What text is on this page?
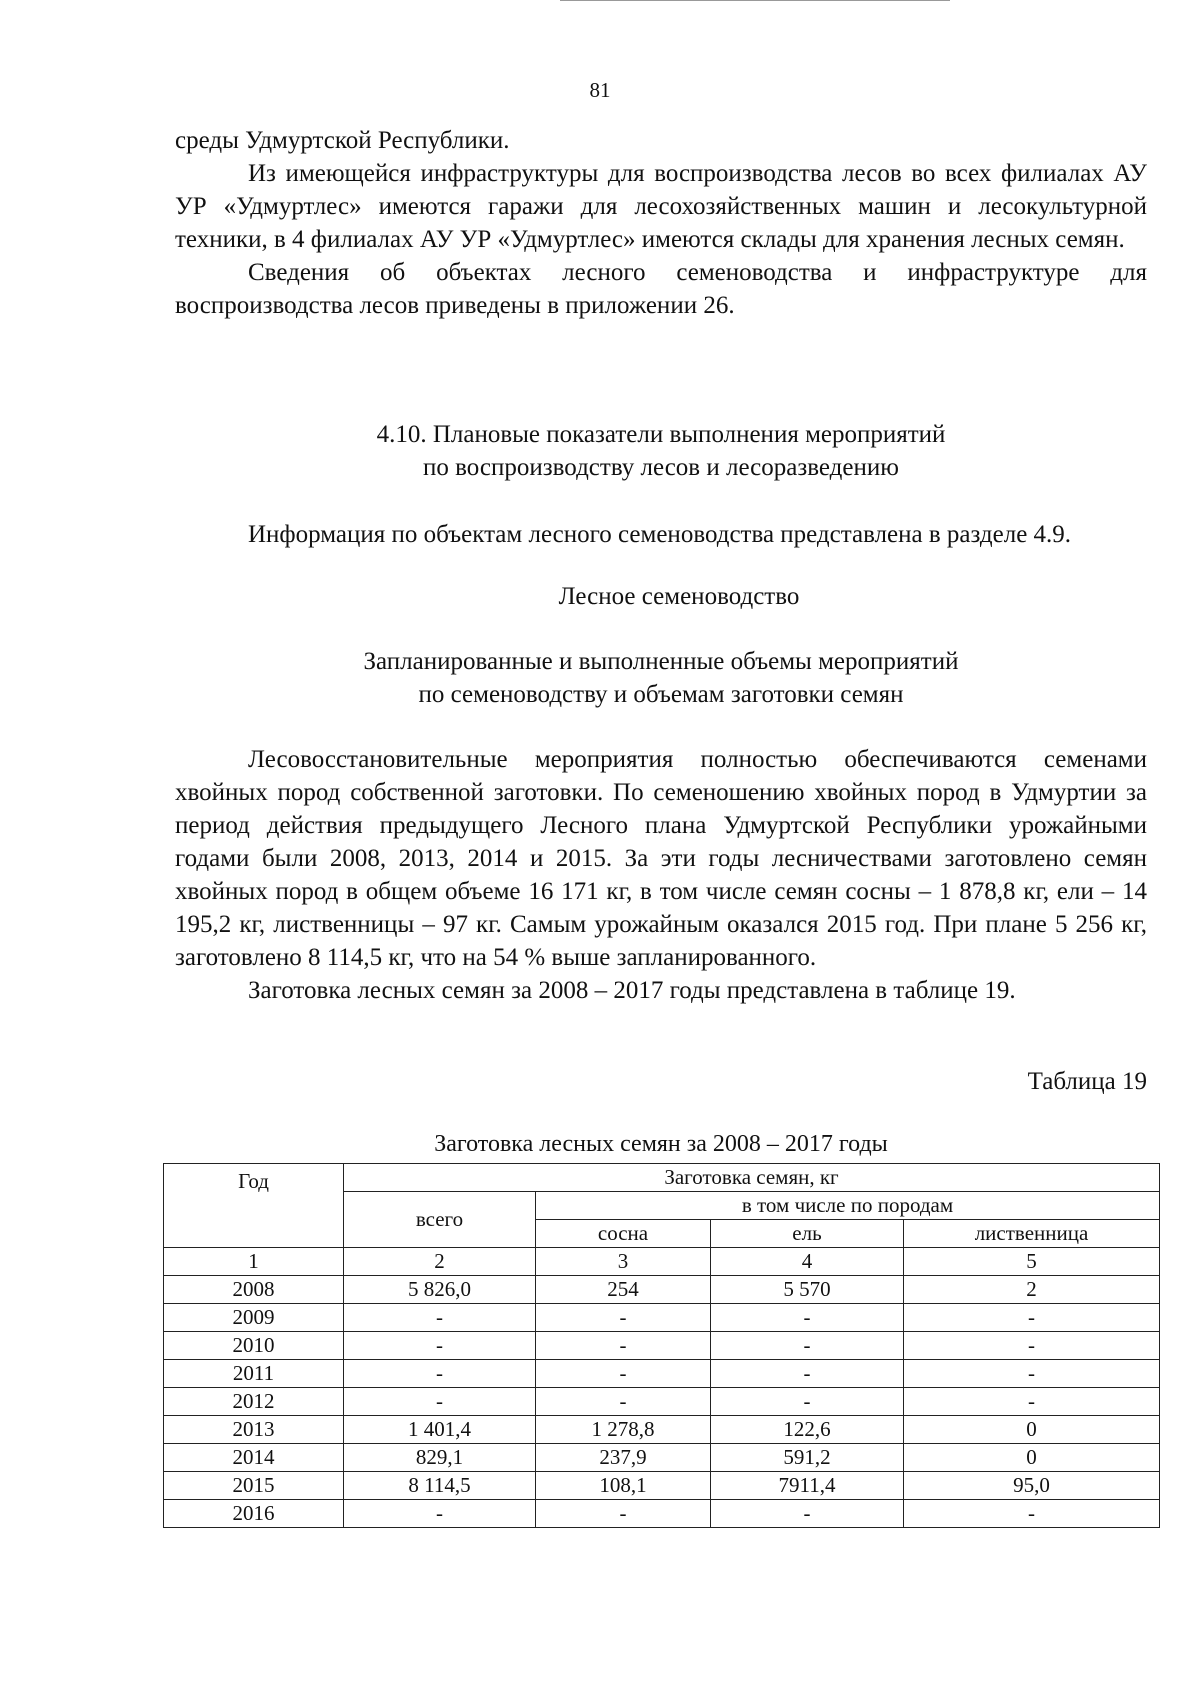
81

среды Удмуртской Республики.

Из имеющейся инфраструктуры для воспроизводства лесов во всех филиалах АУ УР «Удмуртлес» имеются гаражи для лесохозяйственных машин и лесокультурной техники, в 4 филиалах АУ УР «Удмуртлес» имеются склады для хранения лесных семян.

Сведения об объектах лесного семеноводства и инфраструктуре для воспроизводства лесов приведены в приложении 26.

4.10. Плановые показатели выполнения мероприятий
по воспроизводству лесов и лесоразведению

Информация по объектам лесного семеноводства представлена в разделе 4.9.

Лесное семеноводство
Запланированные и выполненные объемы мероприятий
по семеноводству и объемам заготовки семян

Лесовосстановительные мероприятия полностью обеспечиваются семенами хвойных пород собственной заготовки. По семеношению хвойных пород в Удмуртии за период действия предыдущего Лесного плана Удмуртской Республики урожайными годами были 2008, 2013, 2014 и 2015. За эти годы лесничествами заготовлено семян хвойных пород в общем объеме 16 171 кг, в том числе семян сосны – 1 878,8 кг, ели – 14 195,2 кг, лиственницы – 97 кг. Самым урожайным оказался 2015 год. При плане 5 256 кг, заготовлено 8 114,5 кг, что на 54 % выше запланированного.

Заготовка лесных семян за 2008 – 2017 годы представлена в таблице 19.

Таблица 19
Заготовка лесных семян за 2008 – 2017 годы
Год	Заготовка семян, кг			
	всего	в том числе по породам		
		сосна	ель	лиственница
1	2	3	4	5
2008	5 826,0	254	5 570	2
2009	-	-	-	-
2010	-	-	-	-
2011	-	-	-	-
2012	-	-	-	-
2013	1 401,4	1 278,8	122,6	0
2014	829,1	237,9	591,2	0
2015	8 114,5	108,1	7911,4	95,0
2016	-	-	-	-
